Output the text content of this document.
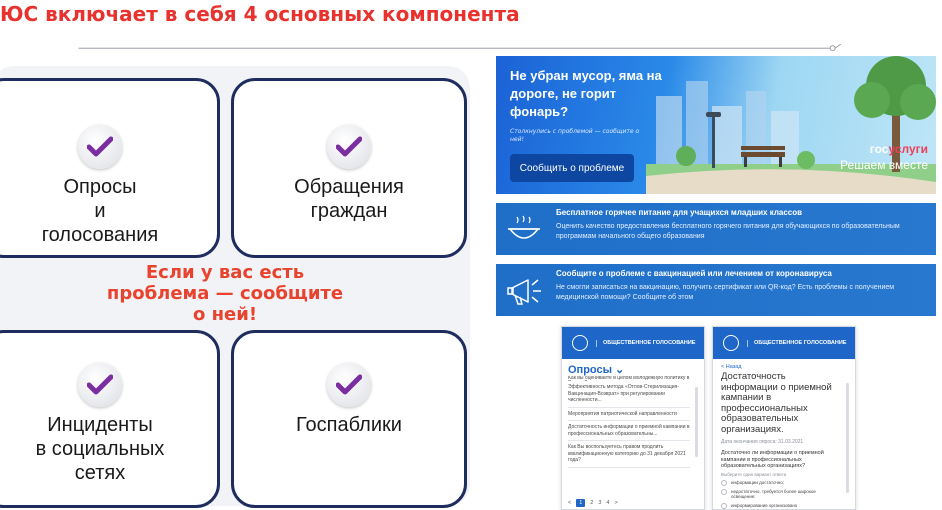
ЮС включает в себя 4 основных компонента
Опросы
и
голосования
Обращения
граждан
Если у вас есть проблема — сообщите о ней!
Инциденты
в социальных
сетях
Госпаблики
Не убран мусор, яма на дороге, не горит фонарь?
Столкнулись с проблемой — сообщите о ней!
Сообщить о проблеме
госуслуги
Решаем вместе
Бесплатное горячее питание для учащихся младших классов
Оценить качество предоставления бесплатного горячего питания для обучающихся по образовательным программам начального общего образования
Сообщите о проблеме с вакцинацией или лечением от коронавируса
Не смогли записаться на вакцинацию, получить сертификат или QR-код? Есть проблемы с получением медицинской помощи? Сообщите об этом
ОБЩЕСТВЕННОЕ ГОЛОСОВАНИЕ
Опросы ⌄
Как вы оцениваете в целом молодежную политику в
Эффективность метода «Отлов-Стерилизация-Вакцинация-Возврат» при регулировании численности...
Мероприятия патриотической направленности
Достаточность информации о приемной кампании в профессиональных образовательны...
Как Вы воспользуетесь правом продлить квалификационную категорию до 31 декабря 2021 года?
<	1	2 3 4 >
ОБЩЕСТВЕННОЕ ГОЛОСОВАНИЕ
< Назад
Достаточность информации о приемной кампании в профессиональных образовательных организациях.
Дата окончания опроса: 31.03.2021
Достаточно ли информации о приемной кампании в профессиональных образовательных организациях?
Выберите один вариант ответа
информации достаточно;
недостаточно, требуется более широкое освещение;
информирование организовано
